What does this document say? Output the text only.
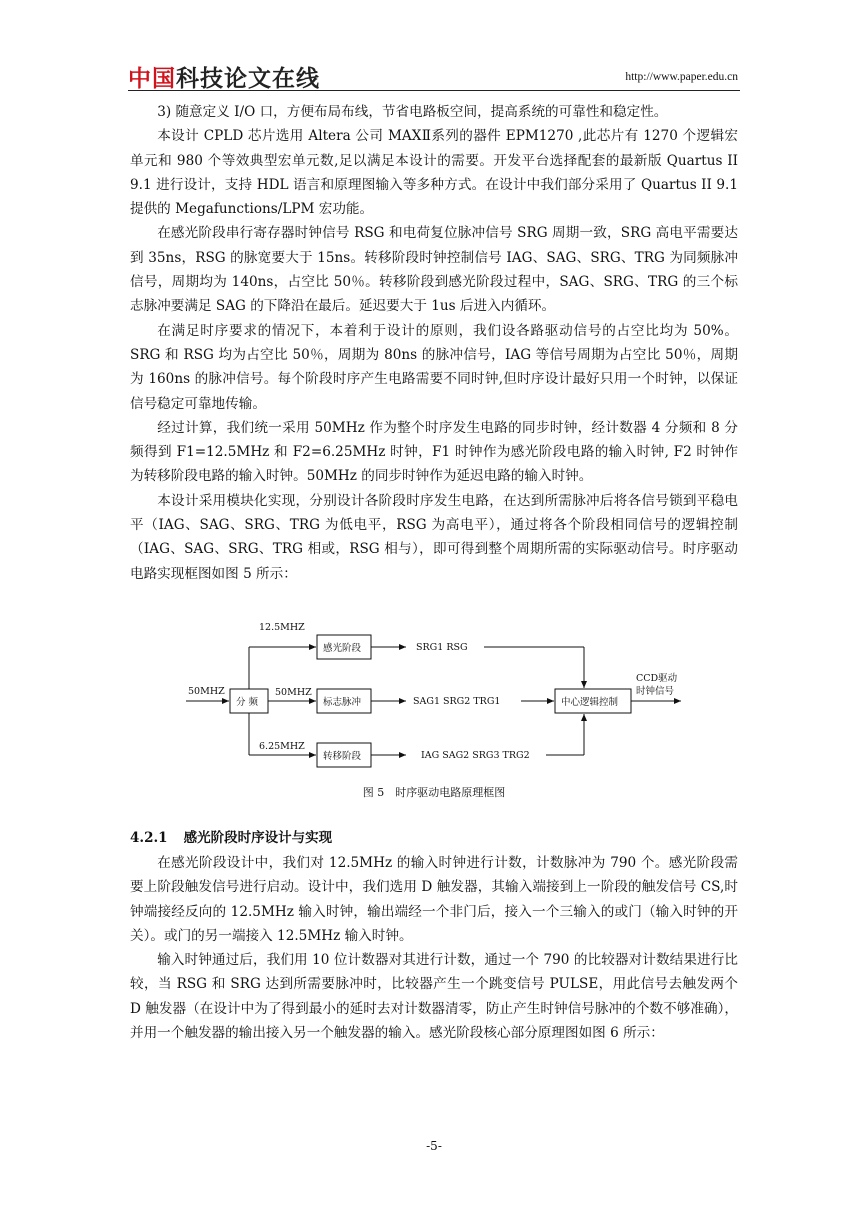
中国科技论文在线	http://www.paper.edu.cn

3) 随意定义 I/O 口，方便布局布线，节省电路板空间，提高系统的可靠性和稳定性。

本设计 CPLD 芯片选用 Altera 公司 MAXⅡ系列的器件 EPM1270 ,此芯片有 1270 个逻辑宏单元和 980 个等效典型宏单元数,足以满足本设计的需要。开发平台选择配套的最新版 Quartus II 9.1 进行设计，支持 HDL 语言和原理图输入等多种方式。在设计中我们部分采用了 Quartus II 9.1 提供的 Megafunctions/LPM 宏功能。

在感光阶段串行寄存器时钟信号 RSG 和电荷复位脉冲信号 SRG 周期一致，SRG 高电平需要达到 35ns，RSG 的脉宽要大于 15ns。转移阶段时钟控制信号 IAG、SAG、SRG、TRG 为同频脉冲信号，周期均为 140ns，占空比 50％。转移阶段到感光阶段过程中，SAG、SRG、TRG 的三个标志脉冲要满足 SAG 的下降沿在最后。延迟要大于 1us 后进入内循环。

在满足时序要求的情况下，本着利于设计的原则，我们设各路驱动信号的占空比均为 50%。SRG 和 RSG 均为占空比 50％，周期为 80ns 的脉冲信号，IAG 等信号周期为占空比 50％，周期为 160ns 的脉冲信号。每个阶段时序产生电路需要不同时钟,但时序设计最好只用一个时钟，以保证信号稳定可靠地传输。

经过计算，我们统一采用 50MHz 作为整个时序发生电路的同步时钟，经计数器 4 分频和 8 分频得到 F1=12.5MHz 和 F2=6.25MHz 时钟，F1 时钟作为感光阶段电路的输入时钟, F2 时钟作为转移阶段电路的输入时钟。50MHz 的同步时钟作为延迟电路的输入时钟。

本设计采用模块化实现，分别设计各阶段时序发生电路，在达到所需脉冲后将各信号锁到平稳电平（IAG、SAG、SRG、TRG 为低电平，RSG 为高电平），通过将各个阶段相同信号的逻辑控制（IAG、SAG、SRG、TRG 相或，RSG 相与），即可得到整个周期所需的实际驱动信号。时序驱动电路实现框图如图 5 所示：

50MHZ
分 频
12.5MHZ
50MHZ
6.25MHZ
感光阶段
标志脉冲
转移阶段
SRG1 RSG
SAG1 SRG2 TRG1
IAG SAG2 SRG3 TRG2
中心逻辑控制
CCD驱动
时钟信号
图 5　时序驱动电路原理框图
4.2.1 感光阶段时序设计与实现

在感光阶段设计中，我们对 12.5MHz 的输入时钟进行计数，计数脉冲为 790 个。感光阶段需要上阶段触发信号进行启动。设计中，我们选用 D 触发器，其输入端接到上一阶段的触发信号 CS,时钟端接经反向的 12.5MHz 输入时钟，输出端经一个非门后，接入一个三输入的或门（输入时钟的开关）。或门的另一端接入 12.5MHz 输入时钟。

输入时钟通过后，我们用 10 位计数器对其进行计数，通过一个 790 的比较器对计数结果进行比较，当 RSG 和 SRG 达到所需要脉冲时，比较器产生一个跳变信号 PULSE，用此信号去触发两个 D 触发器（在设计中为了得到最小的延时去对计数器清零，防止产生时钟信号脉冲的个数不够准确），并用一个触发器的输出接入另一个触发器的输入。感光阶段核心部分原理图如图 6 所示：

-5-
